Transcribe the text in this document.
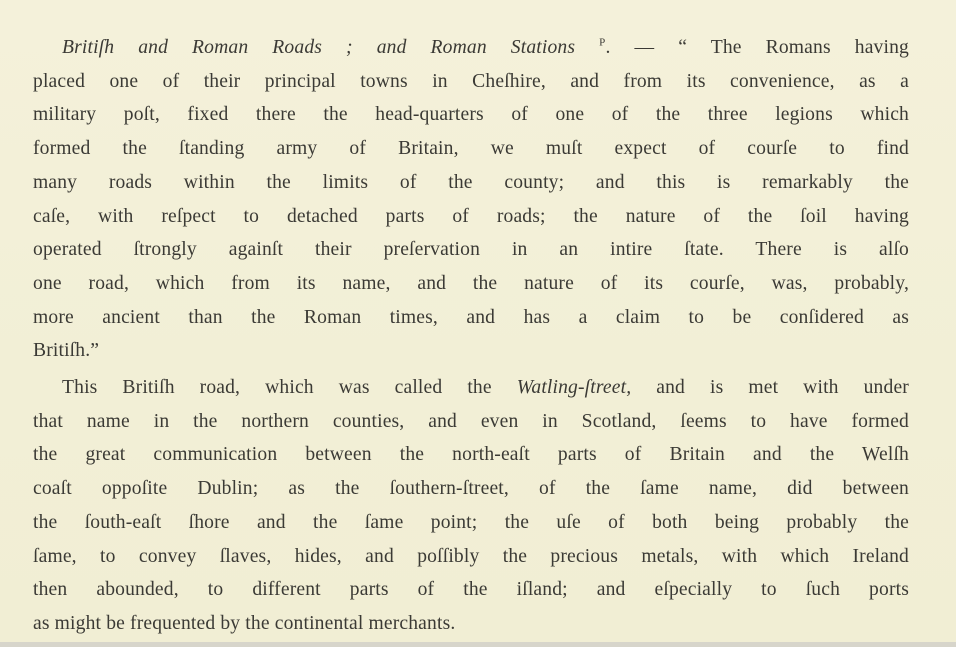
Britiſh and Roman Roads ; and Roman Stations $^P$. — “ The Romans having
placed one of their principal towns in Cheſhire, and from its convenience, as a
military poſt, fixed there the head-quarters of one of the three legions which
formed the ſtanding army of Britain, we muſt expect of courſe to find
many roads within the limits of the county; and this is remarkably the
caſe, with reſpect to detached parts of roads; the nature of the ſoil having
operated ſtrongly againſt their preſervation in an intire ſtate. There is alſo
one road, which from its name, and the nature of its courſe, was, probably,
more ancient than the Roman times, and has a claim to be conſidered as
Britiſh.”
This Britiſh road, which was called the Watling-ſtreet, and is met with under
that name in the northern counties, and even in Scotland, ſeems to have formed
the great communication between the north-eaſt parts of Britain and the Welſh
coaſt oppoſite Dublin; as the ſouthern-ſtreet, of the ſame name, did between
the ſouth-eaſt ſhore and the ſame point; the uſe of both being probably the
ſame, to convey ſlaves, hides, and poſſibly the precious metals, with which Ireland
then abounded, to different parts of the iſland; and eſpecially to ſuch ports
as might be frequented by the continental merchants.
